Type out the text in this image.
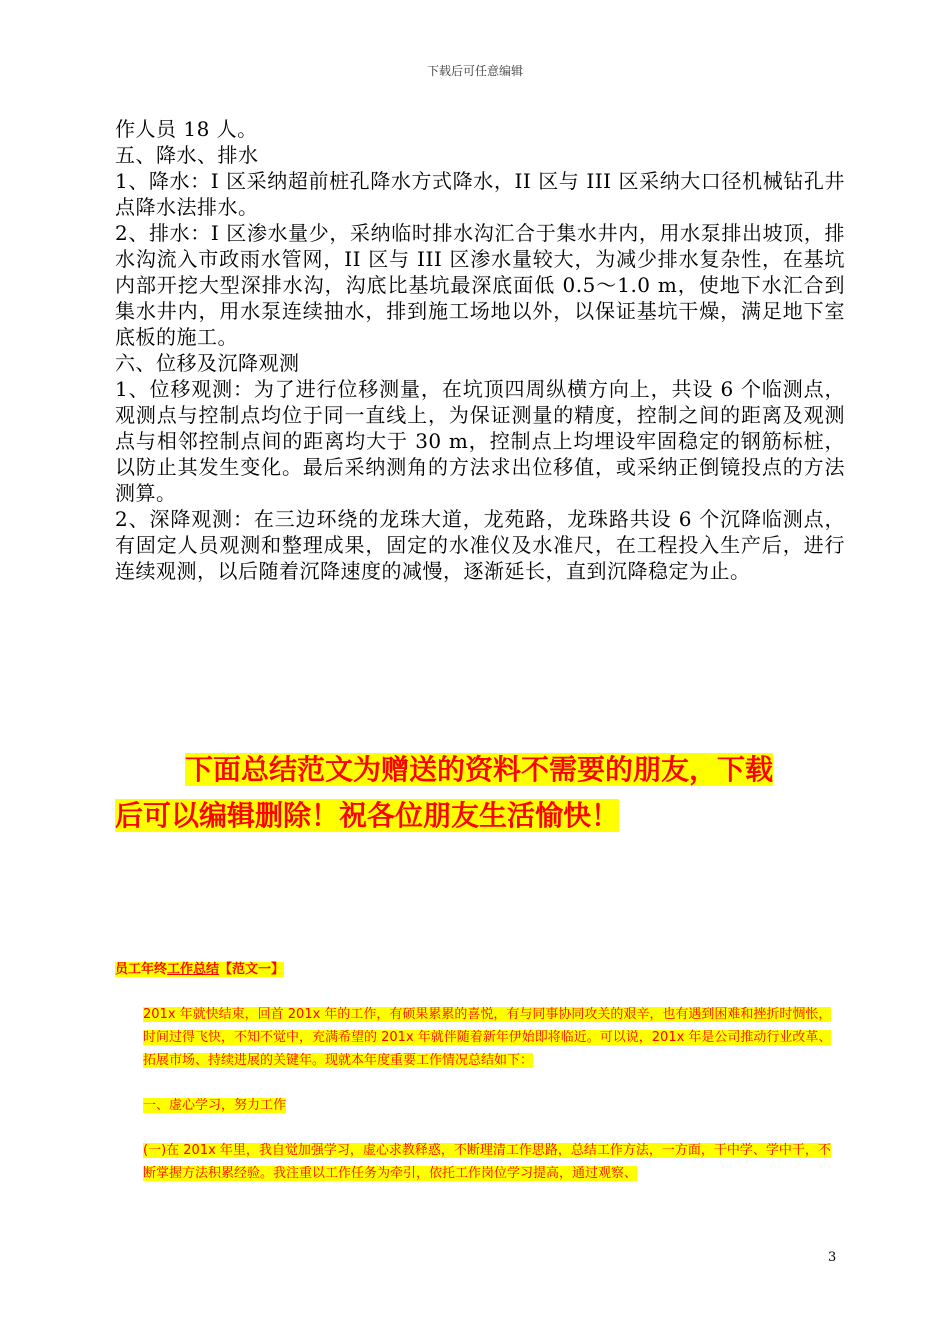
下载后可任意编辑

作人员 18 人。

五、降水、排水

1、降水：I 区采纳超前桩孔降水方式降水，II 区与 III 区采纳大口径机械钻孔井点降水法排水。

2、排水：I 区渗水量少，采纳临时排水沟汇合于集水井内，用水泵排出坡顶，排水沟流入市政雨水管网，II 区与 III 区渗水量较大，为减少排水复杂性，在基坑内部开挖大型深排水沟，沟底比基坑最深底面低 0.5～1.0 m，使地下水汇合到集水井内，用水泵连续抽水，排到施工场地以外，以保证基坑干燥，满足地下室底板的施工。

六、位移及沉降观测

1、位移观测：为了进行位移测量，在坑顶四周纵横方向上，共设 6 个临测点，观测点与控制点均位于同一直线上，为保证测量的精度，控制之间的距离及观测点与相邻控制点间的距离均大于 30 m，控制点上均埋设牢固稳定的钢筋标桩，以防止其发生变化。最后采纳测角的方法求出位移值，或采纳正倒镜投点的方法测算。

2、深降观测：在三边环绕的龙珠大道，龙苑路，龙珠路共设 6 个沉降临测点，有固定人员观测和整理成果，固定的水准仪及水准尺，在工程投入生产后，进行连续观测，以后随着沉降速度的减慢，逐渐延长，直到沉降稳定为止。

下面总结范文为赠送的资料不需要的朋友，下载

后可以编辑删除！祝各位朋友生活愉快！

员工年终工作总结【范文一】

201x 年就快结束，回首 201x 年的工作，有硕果累累的喜悦，有与同事协同攻关的艰辛，也有遇到困难和挫折时惆怅，时间过得飞快，不知不觉中，充满希望的 201x 年就伴随着新年伊始即将临近。可以说，201x 年是公司推动行业改革、拓展市场、持续进展的关键年。现就本年度重要工作情况总结如下：

一、虚心学习，努力工作

(一)在 201x 年里，我自觉加强学习，虚心求教释惑，不断理清工作思路，总结工作方法，一方面，干中学、学中干，不断掌握方法积累经验。我注重以工作任务为牵引，依托工作岗位学习提高，通过观察、

3
